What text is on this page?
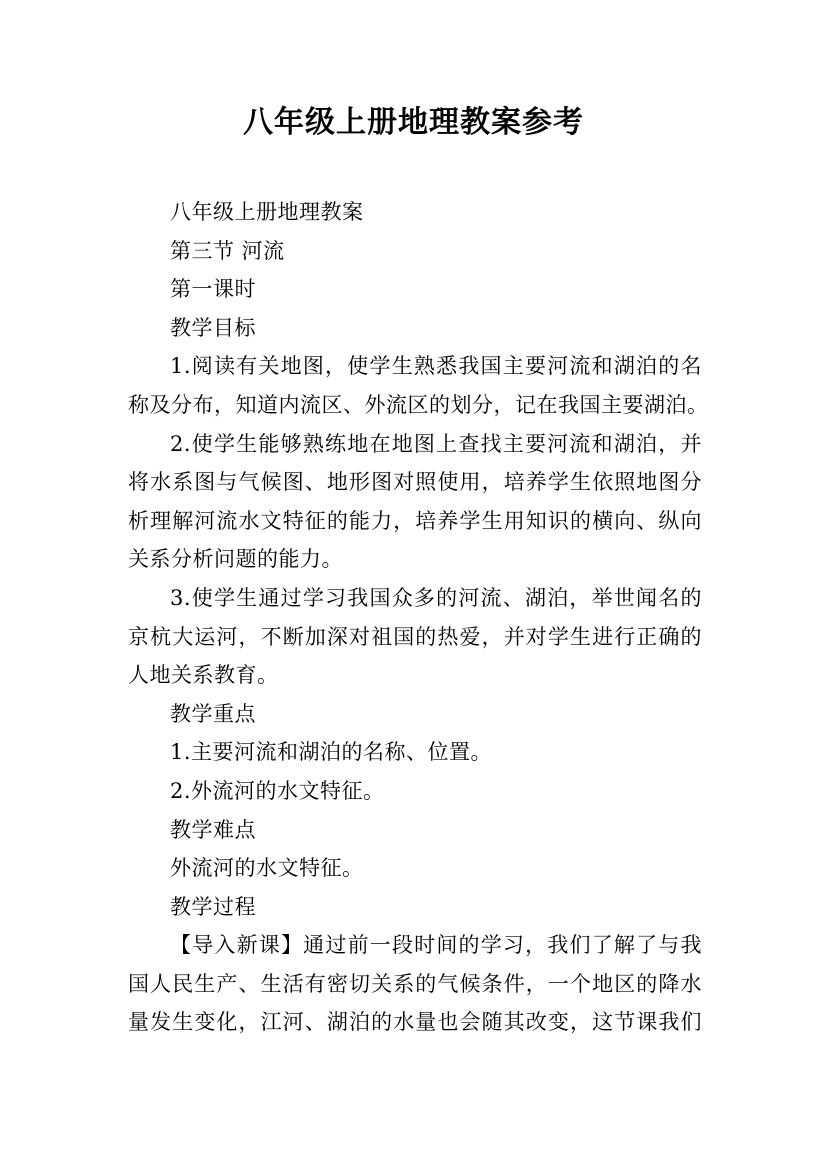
八年级上册地理教案参考

八年级上册地理教案

第三节 河流

第一课时

教学目标

1.阅读有关地图，使学生熟悉我国主要河流和湖泊的名
称及分布，知道内流区、外流区的划分，记在我国主要湖泊。
2.使学生能够熟练地在地图上查找主要河流和湖泊，并
将水系图与气候图、地形图对照使用，培养学生依照地图分
析理解河流水文特征的能力，培养学生用知识的横向、纵向
关系分析问题的能力。
3.使学生通过学习我国众多的河流、湖泊，举世闻名的
京杭大运河，不断加深对祖国的热爱，并对学生进行正确的
人地关系教育。

教学重点

1.主要河流和湖泊的名称、位置。

2.外流河的水文特征。

教学难点

外流河的水文特征。

教学过程

【导入新课】通过前一段时间的学习，我们了解了与我
国人民生产、生活有密切关系的气候条件，一个地区的降水
量发生变化，江河、湖泊的水量也会随其改变，这节课我们
